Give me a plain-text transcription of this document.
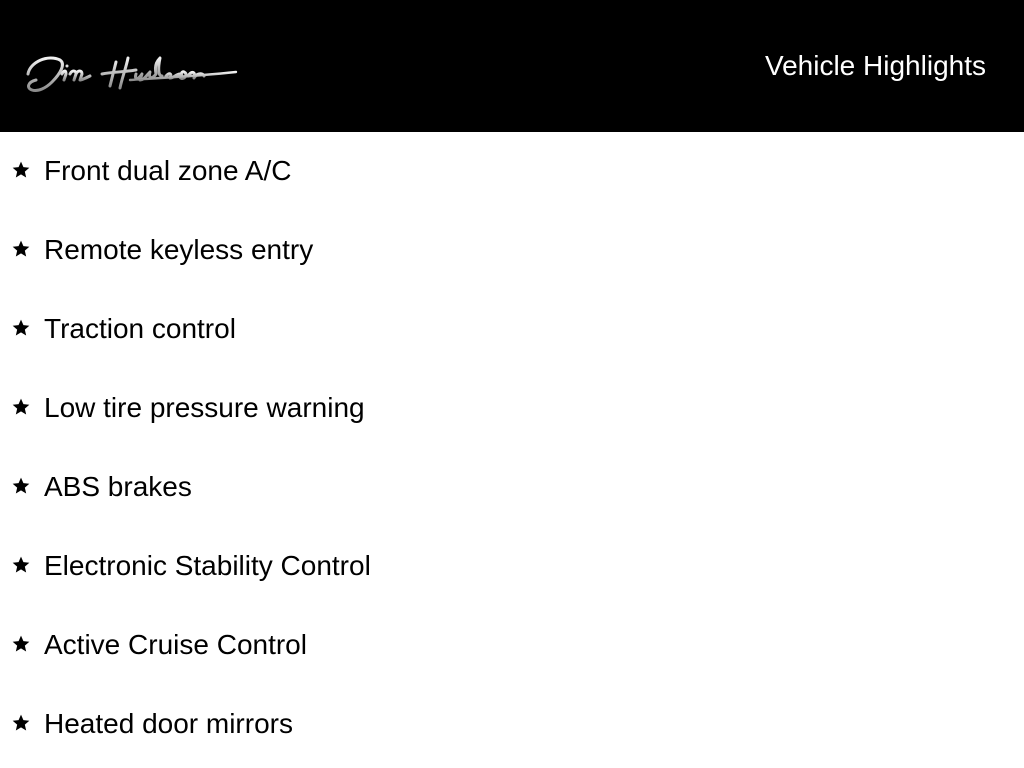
Vehicle Highlights
Front dual zone A/C
Remote keyless entry
Traction control
Low tire pressure warning
ABS brakes
Electronic Stability Control
Active Cruise Control
Heated door mirrors
